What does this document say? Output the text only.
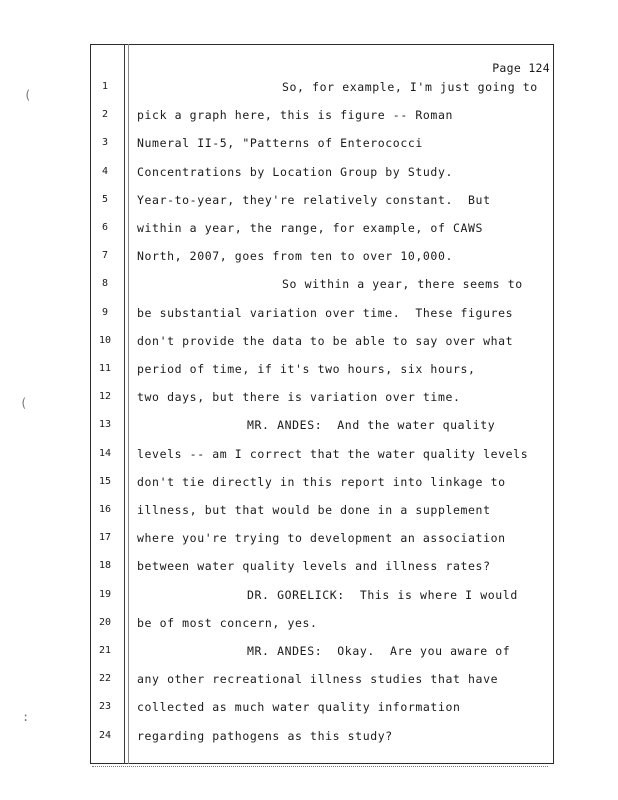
Page 124
1	So, for example, I'm just going to
2	pick a graph here, this is figure -- Roman
3	Numeral II-5, "Patterns of Enterococci
4	Concentrations by Location Group by Study.
5	Year-to-year, they're relatively constant.  But
6	within a year, the range, for example, of CAWS
7	North, 2007, goes from ten to over 10,000.
8	So within a year, there seems to
9	be substantial variation over time.  These figures
10	don't provide the data to be able to say over what
11	period of time, if it's two hours, six hours,
12	two days, but there is variation over time.
13	MR. ANDES:  And the water quality
14	levels -- am I correct that the water quality levels
15	don't tie directly in this report into linkage to
16	illness, but that would be done in a supplement
17	where you're trying to development an association
18	between water quality levels and illness rates?
19	DR. GORELICK:  This is where I would
20	be of most concern, yes.
21	MR. ANDES:  Okay.  Are you aware of
22	any other recreational illness studies that have
23	collected as much water quality information
24	regarding pathogens as this study?
(
(
:
